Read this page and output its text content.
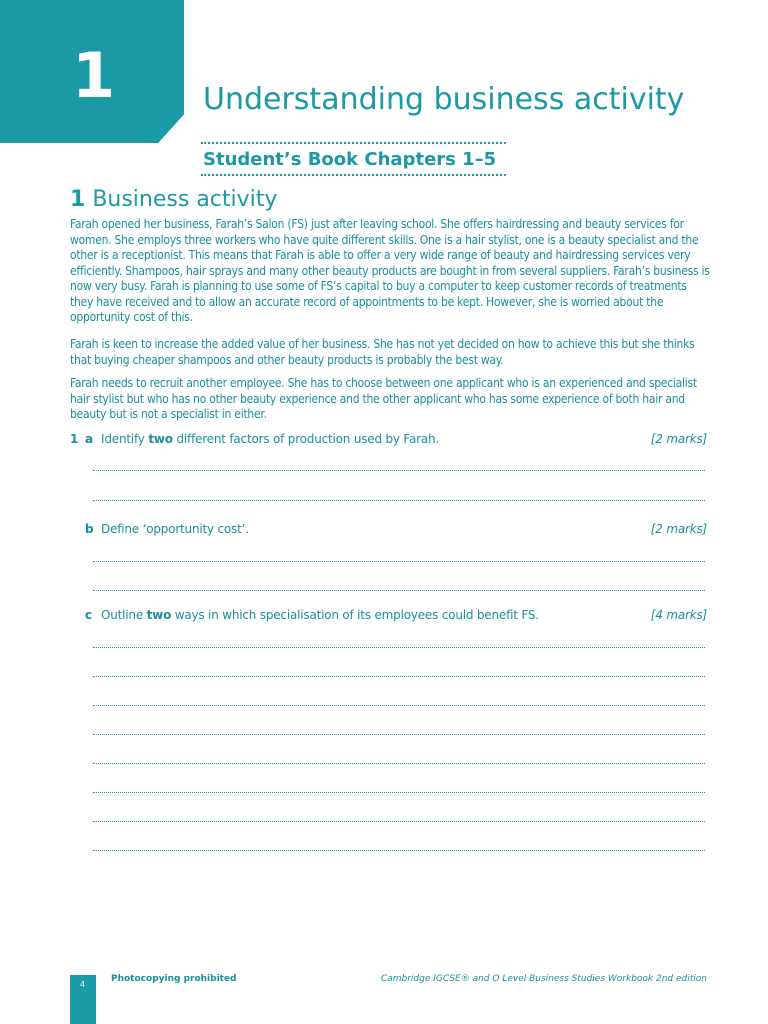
1	Understanding business activity
Student’s Book Chapters 1–5
1 Business activity

Farah opened her business, Farah’s Salon (FS) just after leaving school. She offers hairdressing and beauty services for women. She employs three workers who have quite different skills. One is a hair stylist, one is a beauty specialist and the other is a receptionist. This means that Farah is able to offer a very wide range of beauty and hairdressing services very efficiently. Shampoos, hair sprays and many other beauty products are bought in from several suppliers. Farah’s business is now very busy. Farah is planning to use some of FS’s capital to buy a computer to keep customer records of treatments they have received and to allow an accurate record of appointments to be kept. However, she is worried about the opportunity cost of this.

Farah is keen to increase the added value of her business. She has not yet decided on how to achieve this but she thinks that buying cheaper shampoos and other beauty products is probably the best way.

Farah needs to recruit another employee. She has to choose between one applicant who is an experienced and specialist hair stylist but who has no other beauty experience and the other applicant who has some experience of both hair and beauty but is not a specialist in either.

1 a Identify two different factors of production used by Farah.	[2 marks]
b Define ‘opportunity cost’.	[2 marks]
c Outline two ways in which specialisation of its employees could benefit FS.	[4 marks]
4
Photocopying prohibited	Cambridge IGCSE® and O Level Business Studies Workbook 2nd edition
